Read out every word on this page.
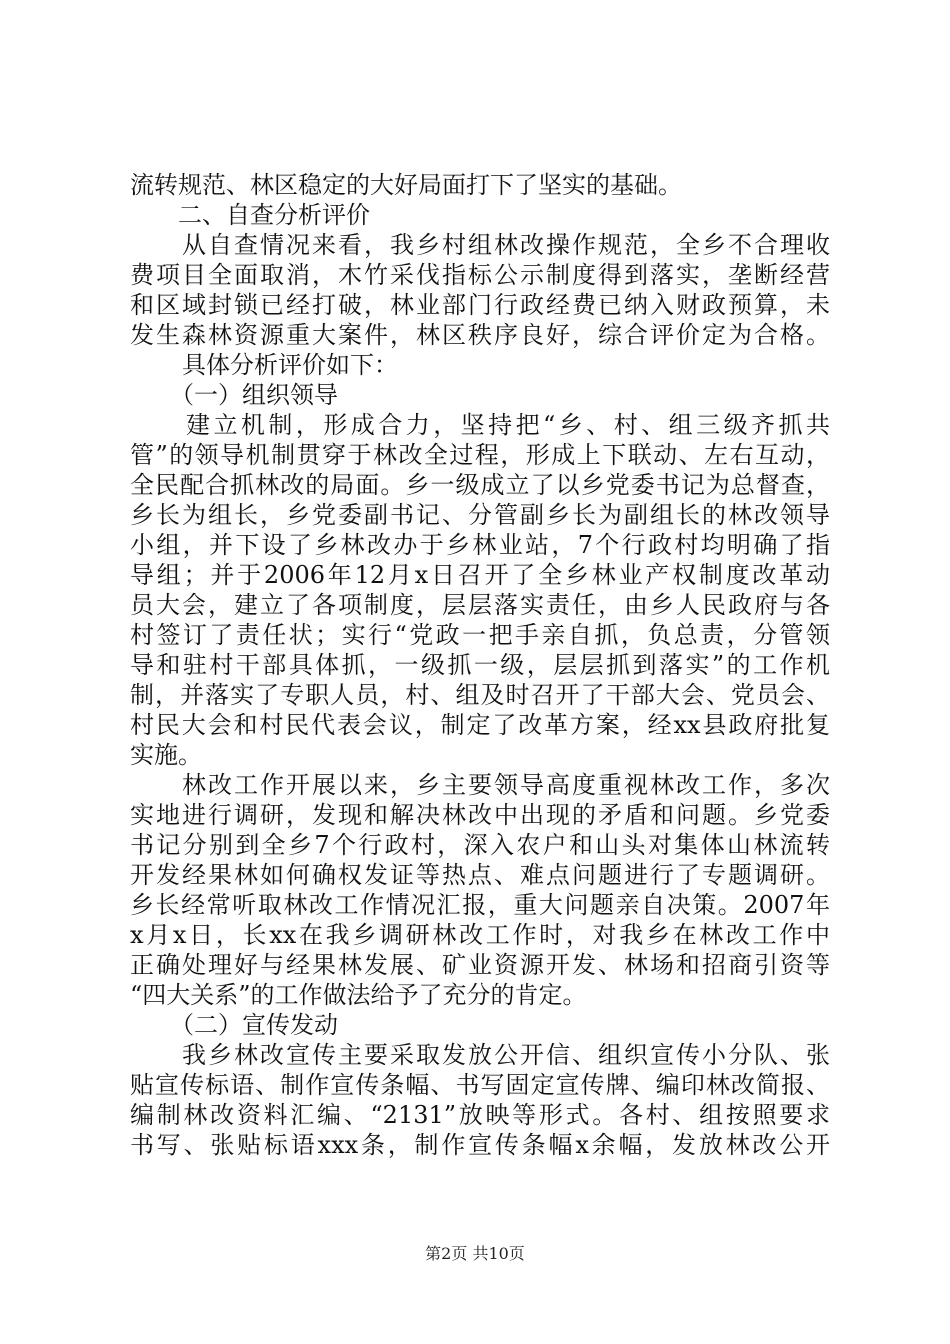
流转规范、林区稳定的大好局面打下了坚实的基础。
二、自查分析评价
从自查情况来看，我乡村组林改操作规范，全乡不合理收
费项目全面取消，木竹采伐指标公示制度得到落实，垄断经营
和区域封锁已经打破，林业部门行政经费已纳入财政预算，未
发生森林资源重大案件，林区秩序良好，综合评价定为合格。
具体分析评价如下：
（一）组织领导
建立机制，形成合力，坚持把“乡、村、组三级齐抓共
管”的领导机制贯穿于林改全过程，形成上下联动、左右互动，
全民配合抓林改的局面。乡一级成立了以乡党委书记为总督查，
乡长为组长，乡党委副书记、分管副乡长为副组长的林改领导
小组，并下设了乡林改办于乡林业站，7个行政村均明确了指
导组；并于2006年12月x日召开了全乡林业产权制度改革动
员大会，建立了各项制度，层层落实责任，由乡人民政府与各
村签订了责任状；实行“党政一把手亲自抓，负总责，分管领
导和驻村干部具体抓，一级抓一级，层层抓到落实”的工作机
制，并落实了专职人员，村、组及时召开了干部大会、党员会、
村民大会和村民代表会议，制定了改革方案，经xx县政府批复
实施。
林改工作开展以来，乡主要领导高度重视林改工作，多次
实地进行调研，发现和解决林改中出现的矛盾和问题。乡党委
书记分别到全乡7个行政村，深入农户和山头对集体山林流转
开发经果林如何确权发证等热点、难点问题进行了专题调研。
乡长经常听取林改工作情况汇报，重大问题亲自决策。2007年
x月x日，长xx在我乡调研林改工作时，对我乡在林改工作中
正确处理好与经果林发展、矿业资源开发、林场和招商引资等
“四大关系”的工作做法给予了充分的肯定。
（二）宣传发动
我乡林改宣传主要采取发放公开信、组织宣传小分队、张
贴宣传标语、制作宣传条幅、书写固定宣传牌、编印林改简报、
编制林改资料汇编、“2131”放映等形式。各村、组按照要求
书写、张贴标语xxx条，制作宣传条幅x余幅，发放林改公开
第2页 共10页
